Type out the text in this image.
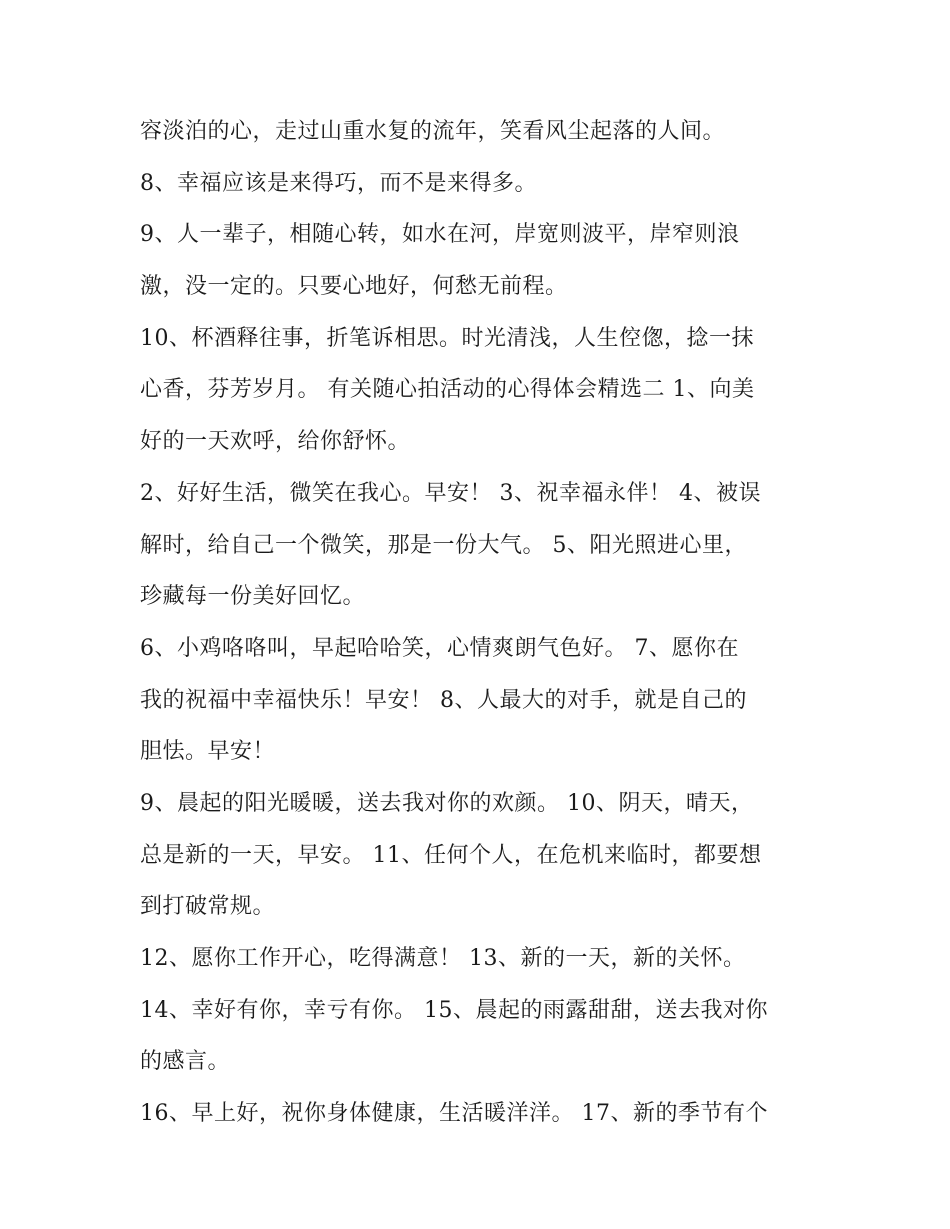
容淡泊的心，走过山重水复的流年，笑看风尘起落的人间。
8、幸福应该是来得巧，而不是来得多。
9、人一辈子，相随心转，如水在河，岸宽则波平，岸窄则浪
激，没一定的。只要心地好，何愁无前程。
10、杯酒释往事，折笔诉相思。时光清浅，人生倥偬，捻一抹
心香，芬芳岁月。 有关随心拍活动的心得体会精选二 1、向美
好的一天欢呼，给你舒怀。
2、好好生活，微笑在我心。早安！ 3、祝幸福永伴！ 4、被误
解时，给自己一个微笑，那是一份大气。 5、阳光照进心里，
珍藏每一份美好回忆。
6、小鸡咯咯叫，早起哈哈笑，心情爽朗气色好。 7、愿你在
我的祝福中幸福快乐！早安！ 8、人最大的对手，就是自己的
胆怯。早安！
9、晨起的阳光暖暖，送去我对你的欢颜。 10、阴天，晴天，
总是新的一天，早安。 11、任何个人，在危机来临时，都要想
到打破常规。
12、愿你工作开心，吃得满意！ 13、新的一天，新的关怀。
14、幸好有你，幸亏有你。 15、晨起的雨露甜甜，送去我对你
的感言。
16、早上好，祝你身体健康，生活暖洋洋。 17、新的季节有个
